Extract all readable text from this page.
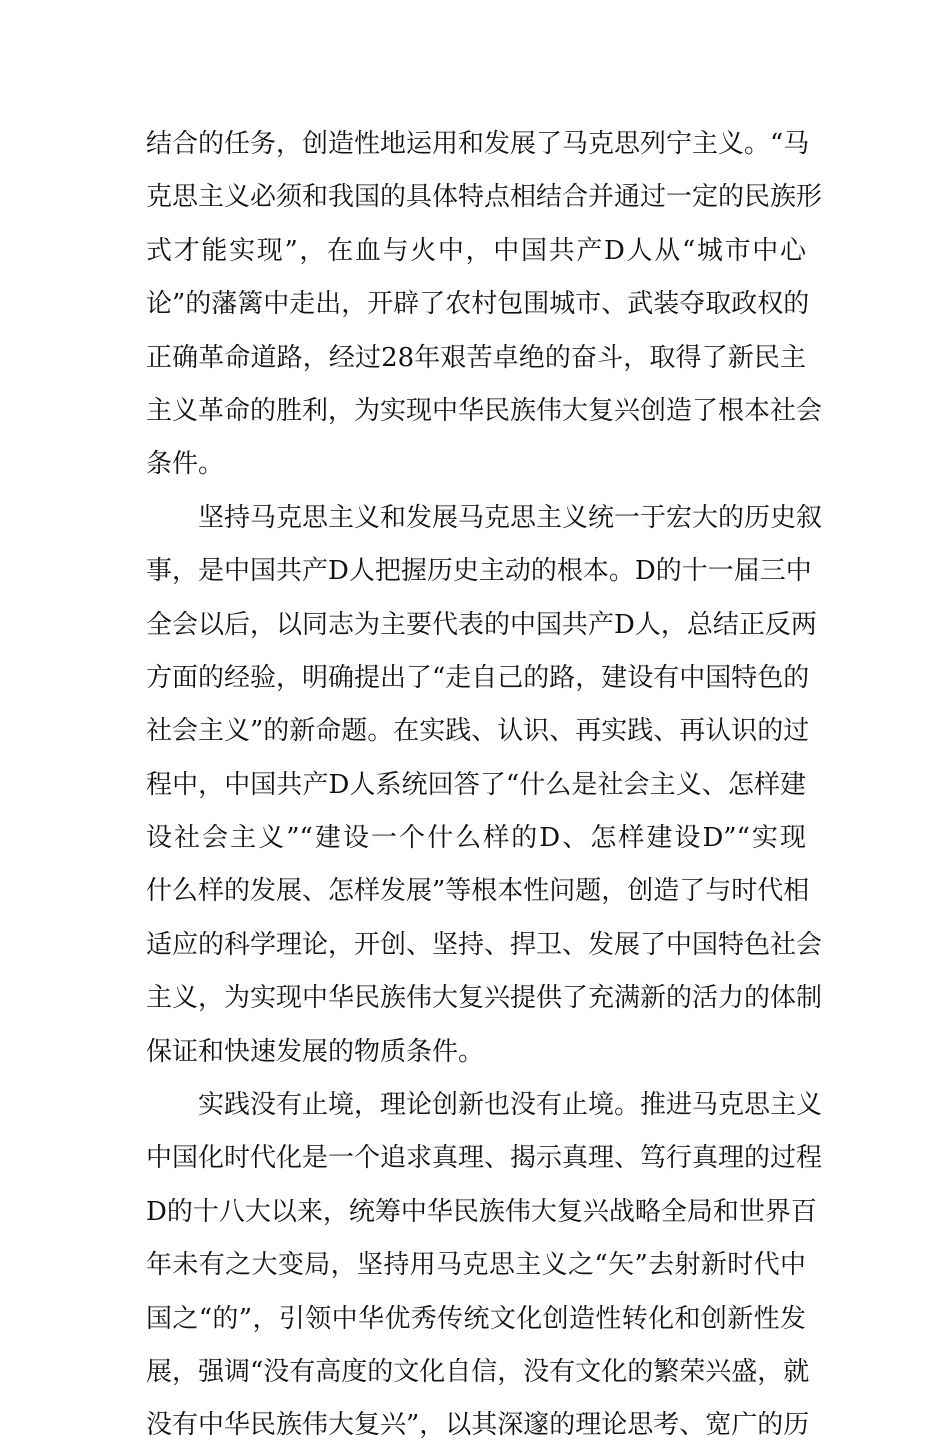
结合的任务，创造性地运用和发展了马克思列宁主义。“马
克思主义必须和我国的具体特点相结合并通过一定的民族形
式才能实现”，在血与火中，中国共产D人从“城市中心
论”的藩篱中走出，开辟了农村包围城市、武装夺取政权的
正确革命道路，经过28年艰苦卓绝的奋斗，取得了新民主
主义革命的胜利，为实现中华民族伟大复兴创造了根本社会
条件。
坚持马克思主义和发展马克思主义统一于宏大的历史叙
事，是中国共产D人把握历史主动的根本。D的十一届三中
全会以后，以同志为主要代表的中国共产D人，总结正反两
方面的经验，明确提出了“走自己的路，建设有中国特色的
社会主义”的新命题。在实践、认识、再实践、再认识的过
程中，中国共产D人系统回答了“什么是社会主义、怎样建
设社会主义”“建设一个什么样的D、怎样建设D”“实现
什么样的发展、怎样发展”等根本性问题，创造了与时代相
适应的科学理论，开创、坚持、捍卫、发展了中国特色社会
主义，为实现中华民族伟大复兴提供了充满新的活力的体制
保证和快速发展的物质条件。
实践没有止境，理论创新也没有止境。推进马克思主义
中国化时代化是一个追求真理、揭示真理、笃行真理的过程
D的十八大以来，统筹中华民族伟大复兴战略全局和世界百
年未有之大变局，坚持用马克思主义之“矢”去射新时代中
国之“的”，引领中华优秀传统文化创造性转化和创新性发
展，强调“没有高度的文化自信，没有文化的繁荣兴盛，就
没有中华民族伟大复兴”，以其深邃的理论思考、宽广的历
